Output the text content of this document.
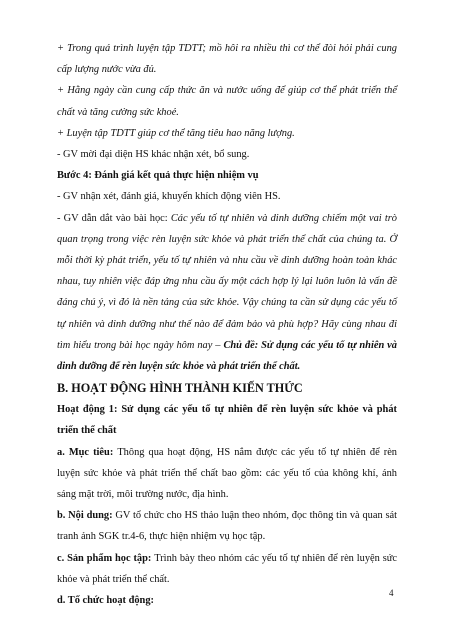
+ Trong quá trình luyện tập TDTT; mồ hôi ra nhiều thì cơ thể đòi hỏi phải cung cấp lượng nước vừa đủ.

+ Hằng ngày cần cung cấp thức ăn và nước uống để giúp cơ thể phát triển thể chất và tăng cường sức khoẻ.

+ Luyện tập TDTT giúp cơ thể tăng tiêu hao năng lượng.

- GV mời đại diện HS khác nhận xét, bổ sung.

Bước 4: Đánh giá kết quả thực hiện nhiệm vụ

- GV nhận xét, đánh giá, khuyến khích động viên HS.

- GV dẫn dắt vào bài học: Các yếu tố tự nhiên và dinh dưỡng chiếm một vai trò quan trọng trong việc rèn luyện sức khỏe và phát triển thể chất của chúng ta. Ở mỗi thời kỳ phát triển, yếu tố tự nhiên và nhu cầu về dinh dưỡng hoàn toàn khác nhau, tuy nhiên việc đáp ứng nhu cầu ấy một cách hợp lý lại luôn luôn là vấn đề đáng chú ý, vì đó là nền tảng của sức khỏe. Vậy chúng ta cần sử dụng các yếu tố tự nhiên và dinh dưỡng như thế nào để đảm bảo và phù hợp? Hãy cùng nhau đi tìm hiểu trong bài học ngày hôm nay – Chủ đề: Sử dụng các yếu tố tự nhiên và dinh dưỡng để rèn luyện sức khỏe và phát triển thể chất.

B. HOẠT ĐỘNG HÌNH THÀNH KIẾN THỨC

Hoạt động 1: Sử dụng các yếu tố tự nhiên để rèn luyện sức khỏe và phát triển thể chất

a. Mục tiêu: Thông qua hoạt động, HS nắm được các yếu tố tự nhiên để rèn luyện sức khỏe và phát triển thể chất bao gồm: các yếu tố của không khí, ánh sáng mặt trời, môi trường nước, địa hình.

b. Nội dung: GV tổ chức cho HS thảo luận theo nhóm, đọc thông tin và quan sát tranh ảnh SGK tr.4-6, thực hiện nhiệm vụ học tập.

c. Sản phẩm học tập: Trình bày theo nhóm các yếu tố tự nhiên để rèn luyện sức khỏe và phát triển thể chất.

d. Tổ chức hoạt động:

4
